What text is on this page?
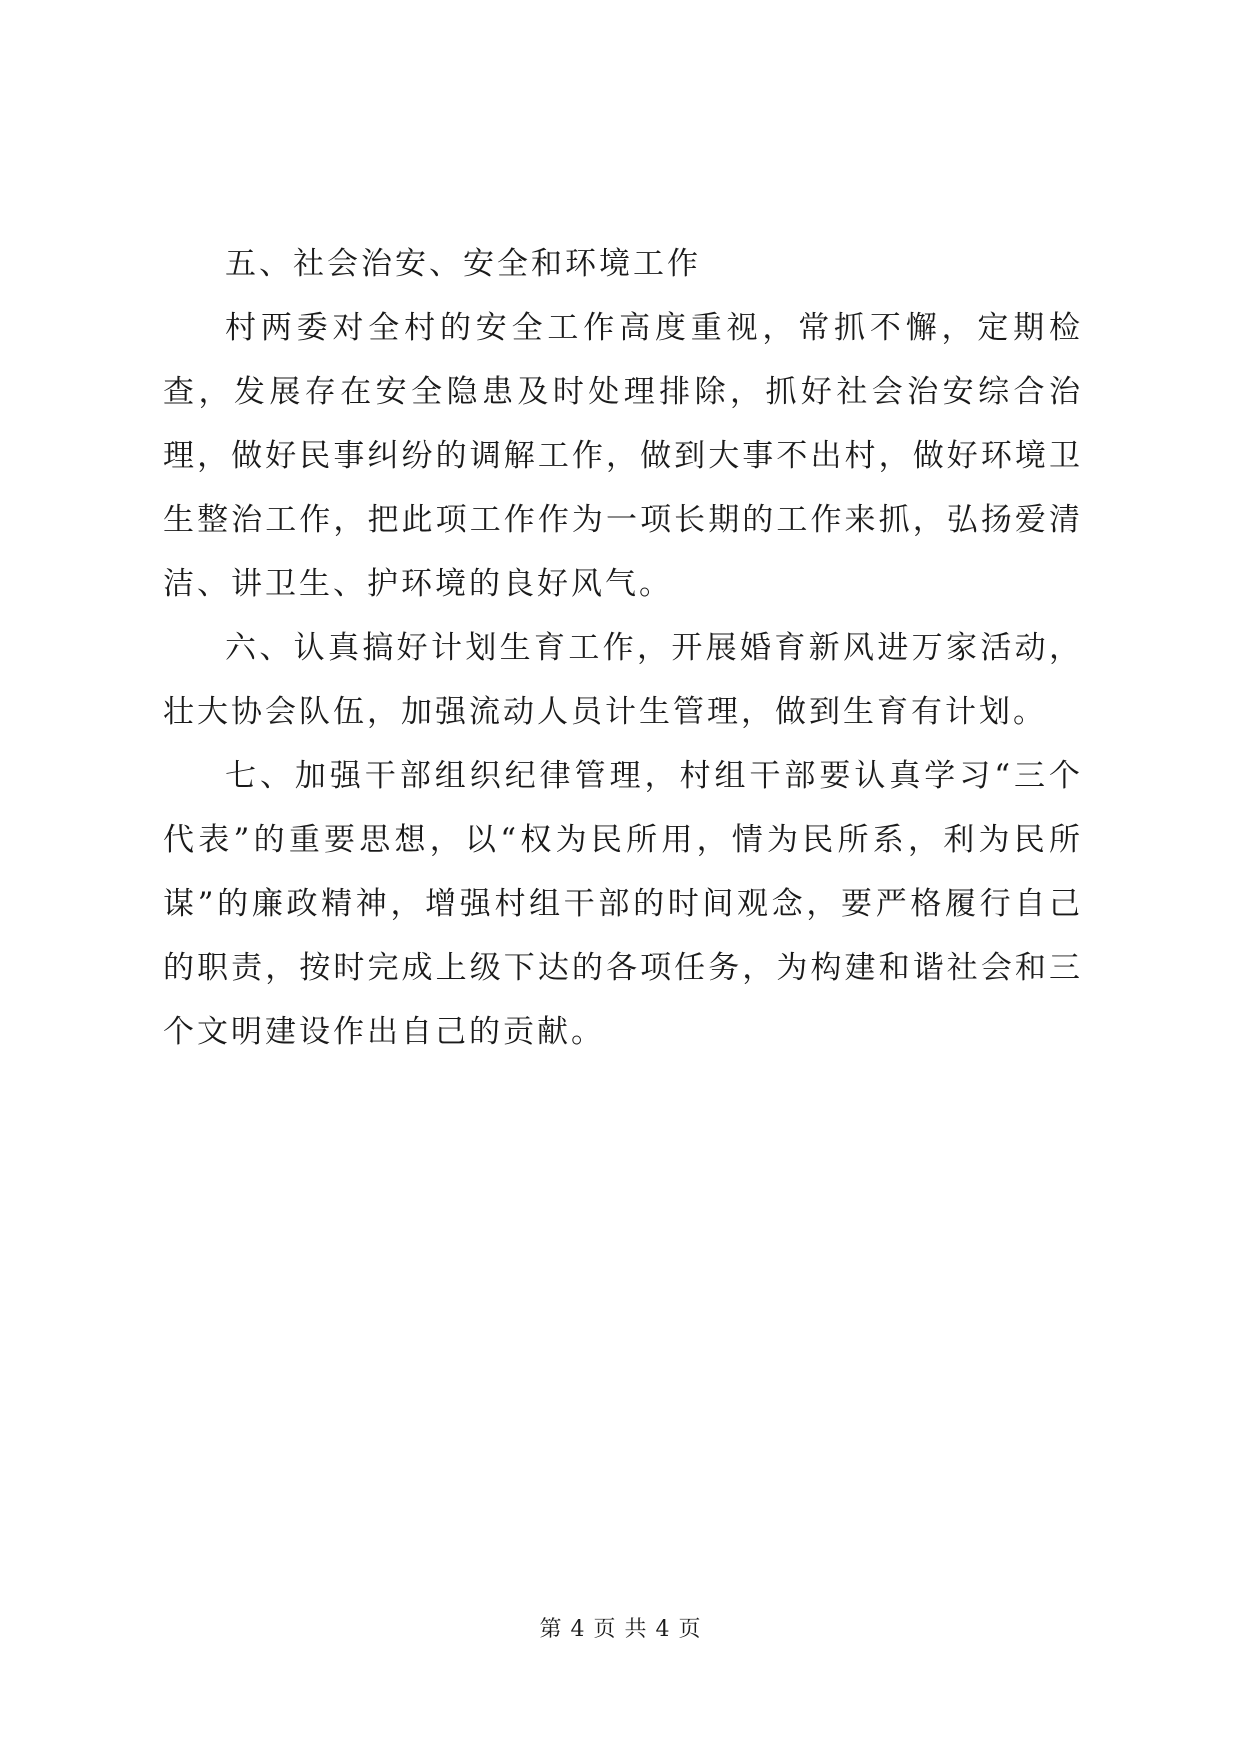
五、社会治安、安全和环境工作

村两委对全村的安全工作高度重视，常抓不懈，定期检查，发展存在安全隐患及时处理排除，抓好社会治安综合治理，做好民事纠纷的调解工作，做到大事不出村，做好环境卫生整治工作，把此项工作作为一项长期的工作来抓，弘扬爱清洁、讲卫生、护环境的良好风气。

六、认真搞好计划生育工作，开展婚育新风进万家活动，壮大协会队伍，加强流动人员计生管理，做到生育有计划。

七、加强干部组织纪律管理，村组干部要认真学习“三个代表”的重要思想，以“权为民所用，情为民所系，利为民所谋”的廉政精神，增强村组干部的时间观念，要严格履行自己的职责，按时完成上级下达的各项任务，为构建和谐社会和三个文明建设作出自己的贡献。

第 4 页 共 4 页
